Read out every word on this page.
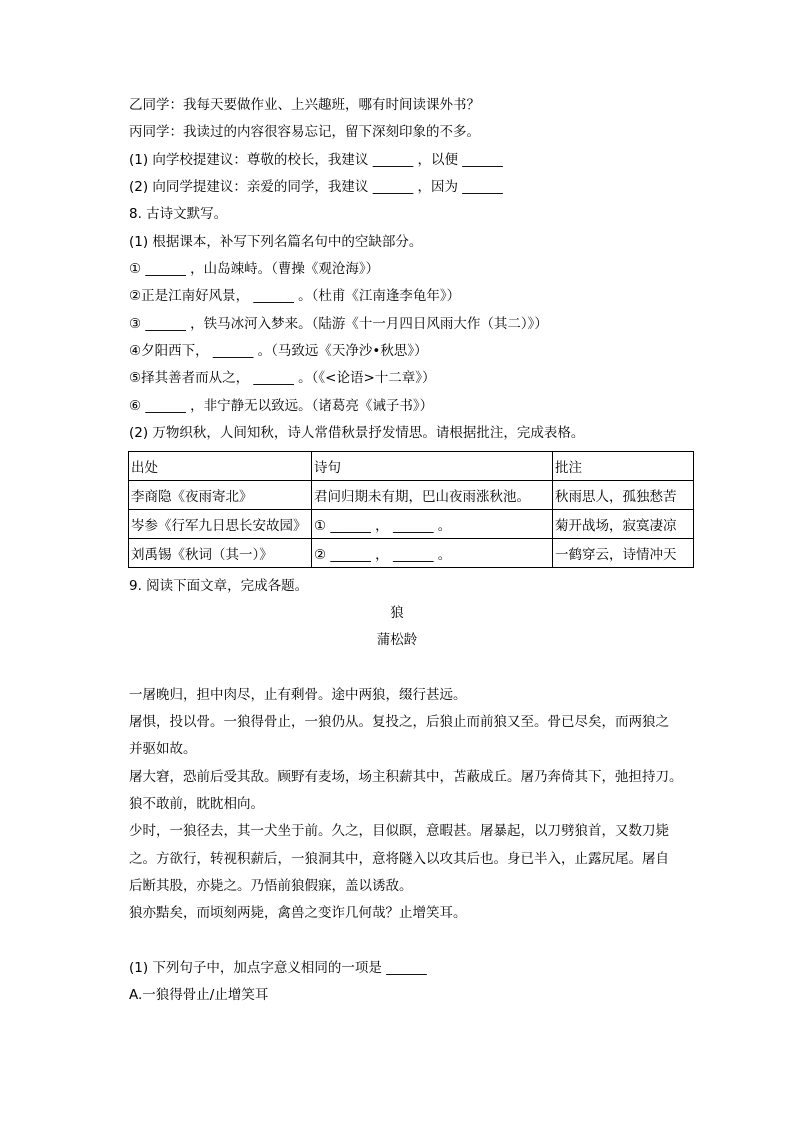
乙同学：我每天要做作业、上兴趣班，哪有时间读课外书？
丙同学：我读过的内容很容易忘记，留下深刻印象的不多。
(1) 向学校提建议：尊敬的校长，我建议 ______ ，以便 ______
(2) 向同学提建议：亲爱的同学，我建议 ______ ，因为 ______
8. 古诗文默写。
(1) 根据课本，补写下列名篇名句中的空缺部分。
① ______ ，山岛竦峙。（曹操《观沧海》）
②正是江南好风景， ______ 。（杜甫《江南逢李龟年》）
③ ______ ，铁马冰河入梦来。（陆游《十一月四日风雨大作（其二）》）
④夕阳西下， ______ 。（马致远《天净沙•秋思》）
⑤择其善者而从之， ______ 。（《<论语>十二章》）
⑥ ______ ，非宁静无以致远。（诸葛亮《诫子书》）
(2) 万物织秋，人间知秋，诗人常借秋景抒发情思。请根据批注，完成表格。
出处	诗句	批注
李商隐《夜雨寄北》	君问归期未有期，巴山夜雨涨秋池。	秋雨思人，孤独愁苦
岑参《行军九日思长安故园》	① ______ ， ______ 。	菊开战场，寂寞凄凉
刘禹锡《秋词（其一）》	② ______ ， ______ 。	一鹤穿云，诗情冲天
9. 阅读下面文章，完成各题。
狼
蒲松龄
一屠晚归，担中肉尽，止有剩骨。途中两狼，缀行甚远。
屠惧，投以骨。一狼得骨止，一狼仍从。复投之，后狼止而前狼又至。骨已尽矣，而两狼之
并驱如故。
屠大窘，恐前后受其敌。顾野有麦场，场主积薪其中，苫蔽成丘。屠乃奔倚其下，弛担持刀。
狼不敢前，眈眈相向。
少时，一狼径去，其一犬坐于前。久之，目似瞑，意暇甚。屠暴起，以刀劈狼首，又数刀毙
之。方欲行，转视积薪后，一狼洞其中，意将隧入以攻其后也。身已半入，止露尻尾。屠自
后断其股，亦毙之。乃悟前狼假寐，盖以诱敌。
狼亦黠矣，而顷刻两毙，禽兽之变诈几何哉？止增笑耳。
(1) 下列句子中，加点字意义相同的一项是 ______
A.一狼得骨止/止增笑耳
